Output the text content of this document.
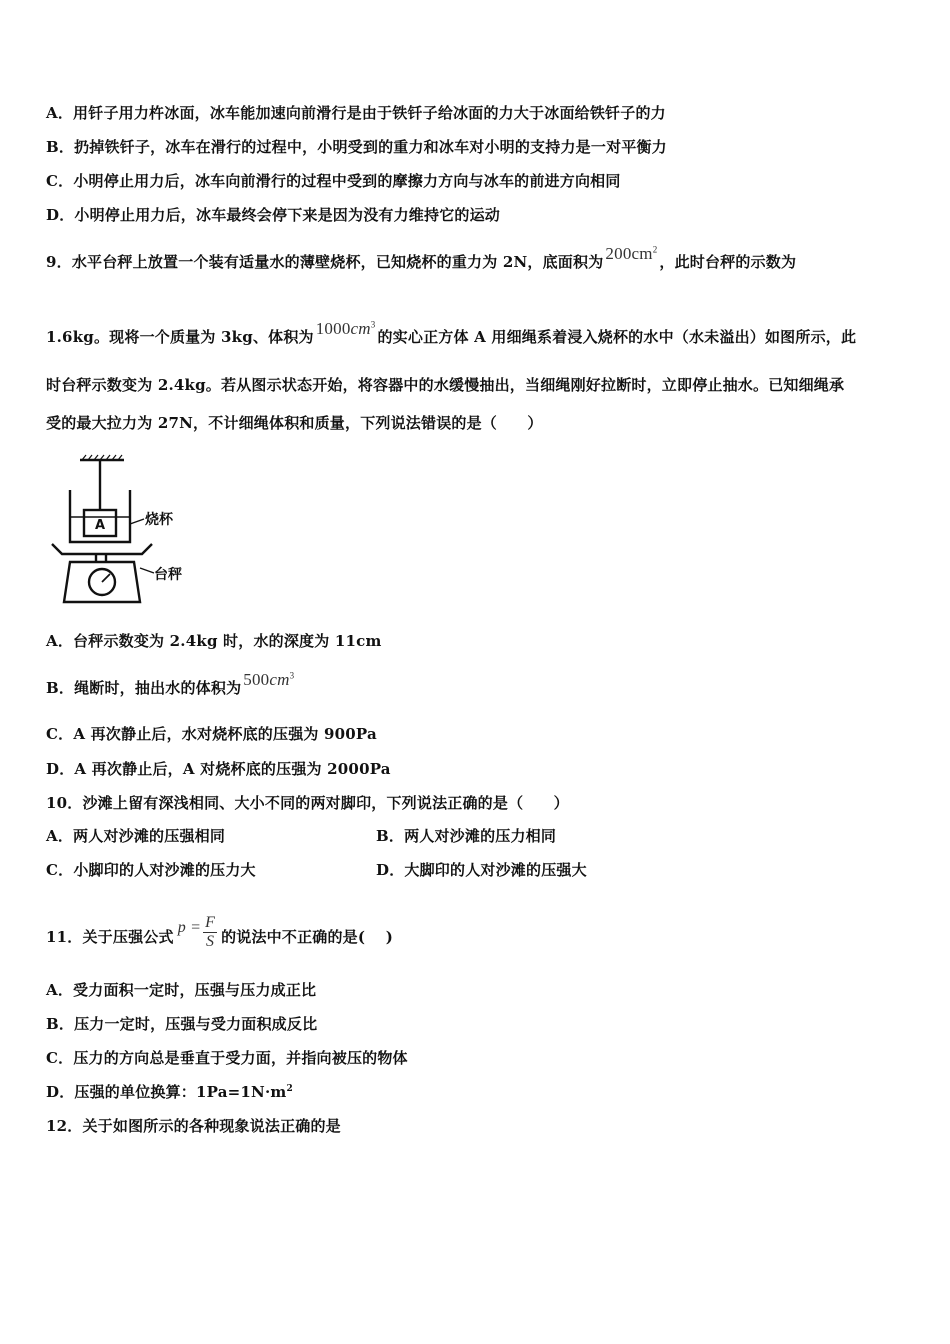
A．用钎子用力杵冰面，冰车能加速向前滑行是由于铁钎子给冰面的力大于冰面给铁钎子的力
B．扔掉铁钎子，冰车在滑行的过程中，小明受到的重力和冰车对小明的支持力是一对平衡力
C．小明停止用力后，冰车向前滑行的过程中受到的摩擦力方向与冰车的前进方向相同
D．小明停止用力后，冰车最终会停下来是因为没有力维持它的运动
9．水平台秤上放置一个装有适量水的薄壁烧杯，已知烧杯的重力为 2N，底面积为 $200cm^2$，此时台秤的示数为
1.6kg。现将一个质量为 3kg、体积为 $1000cm^3$的实心正方体 A 用细绳系着浸入烧杯的水中（水未溢出）如图所示，此
时台秤示数变为 2.4kg。若从图示状态开始，将容器中的水缓慢抽出，当细绳刚好拉断时，立即停止抽水。已知细绳承
受的最大拉力为 27N，不计细绳体积和质量，下列说法错误的是（　　）
A	烧杯
台秤
A．台秤示数变为 2.4kg 时，水的深度为 11cm
B．绳断时，抽出水的体积为 $500cm^3$
C．A 再次静止后，水对烧杯底的压强为 900Pa
D．A 再次静止后，A 对烧杯底的压强为 2000Pa
10．沙滩上留有深浅相同、大小不同的两对脚印，下列说法正确的是（　　）
A．两人对沙滩的压强相同	B．两人对沙滩的压力相同
C．小脚印的人对沙滩的压力大	D．大脚印的人对沙滩的压强大
11．关于压强公式$p = \frac{F}{S}$ 的说法中不正确的是(　 )
A．受力面积一定时，压强与压力成正比
B．压力一定时，压强与受力面积成反比
C．压力的方向总是垂直于受力面，并指向被压的物体
D．压强的单位换算：$1Pa=1N\cdot m^2$
12．关于如图所示的各种现象说法正确的是
